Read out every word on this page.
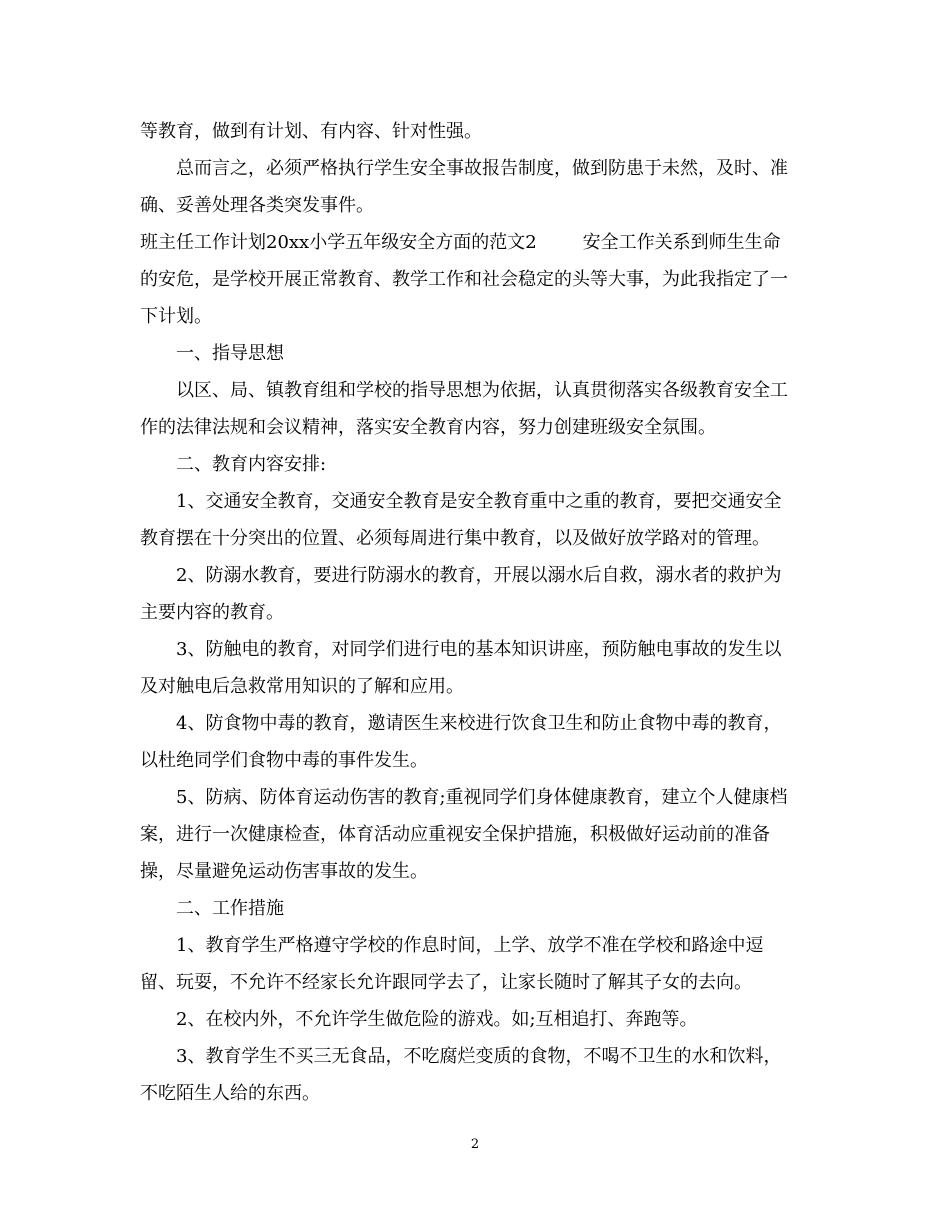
等教育，做到有计划、有内容、针对性强。
总而言之，必须严格执行学生安全事故报告制度，做到防患于未然，及时、准
确、妥善处理各类突发事件。
班主任工作计划20xx小学五年级安全方面的范文2	安全工作关系到师生生命
的安危，是学校开展正常教育、教学工作和社会稳定的头等大事，为此我指定了一
下计划。
一、指导思想
以区、局、镇教育组和学校的指导思想为依据，认真贯彻落实各级教育安全工
作的法律法规和会议精神，落实安全教育内容，努力创建班级安全氛围。
二、教育内容安排:
1、交通安全教育，交通安全教育是安全教育重中之重的教育，要把交通安全
教育摆在十分突出的位置、必须每周进行集中教育，以及做好放学路对的管理。
2、防溺水教育，要进行防溺水的教育，开展以溺水后自救，溺水者的救护为
主要内容的教育。
3、防触电的教育，对同学们进行电的基本知识讲座，预防触电事故的发生以
及对触电后急救常用知识的了解和应用。
4、防食物中毒的教育，邀请医生来校进行饮食卫生和防止食物中毒的教育，
以杜绝同学们食物中毒的事件发生。
5、防病、防体育运动伤害的教育;重视同学们身体健康教育，建立个人健康档
案，进行一次健康检查，体育活动应重视安全保护措施，积极做好运动前的准备
操，尽量避免运动伤害事故的发生。
二、工作措施
1、教育学生严格遵守学校的作息时间，上学、放学不准在学校和路途中逗
留、玩耍，不允许不经家长允许跟同学去了，让家长随时了解其子女的去向。
2、在校内外，不允许学生做危险的游戏。如;互相追打、奔跑等。
3、教育学生不买三无食品，不吃腐烂变质的食物，不喝不卫生的水和饮料，
不吃陌生人给的东西。
2
